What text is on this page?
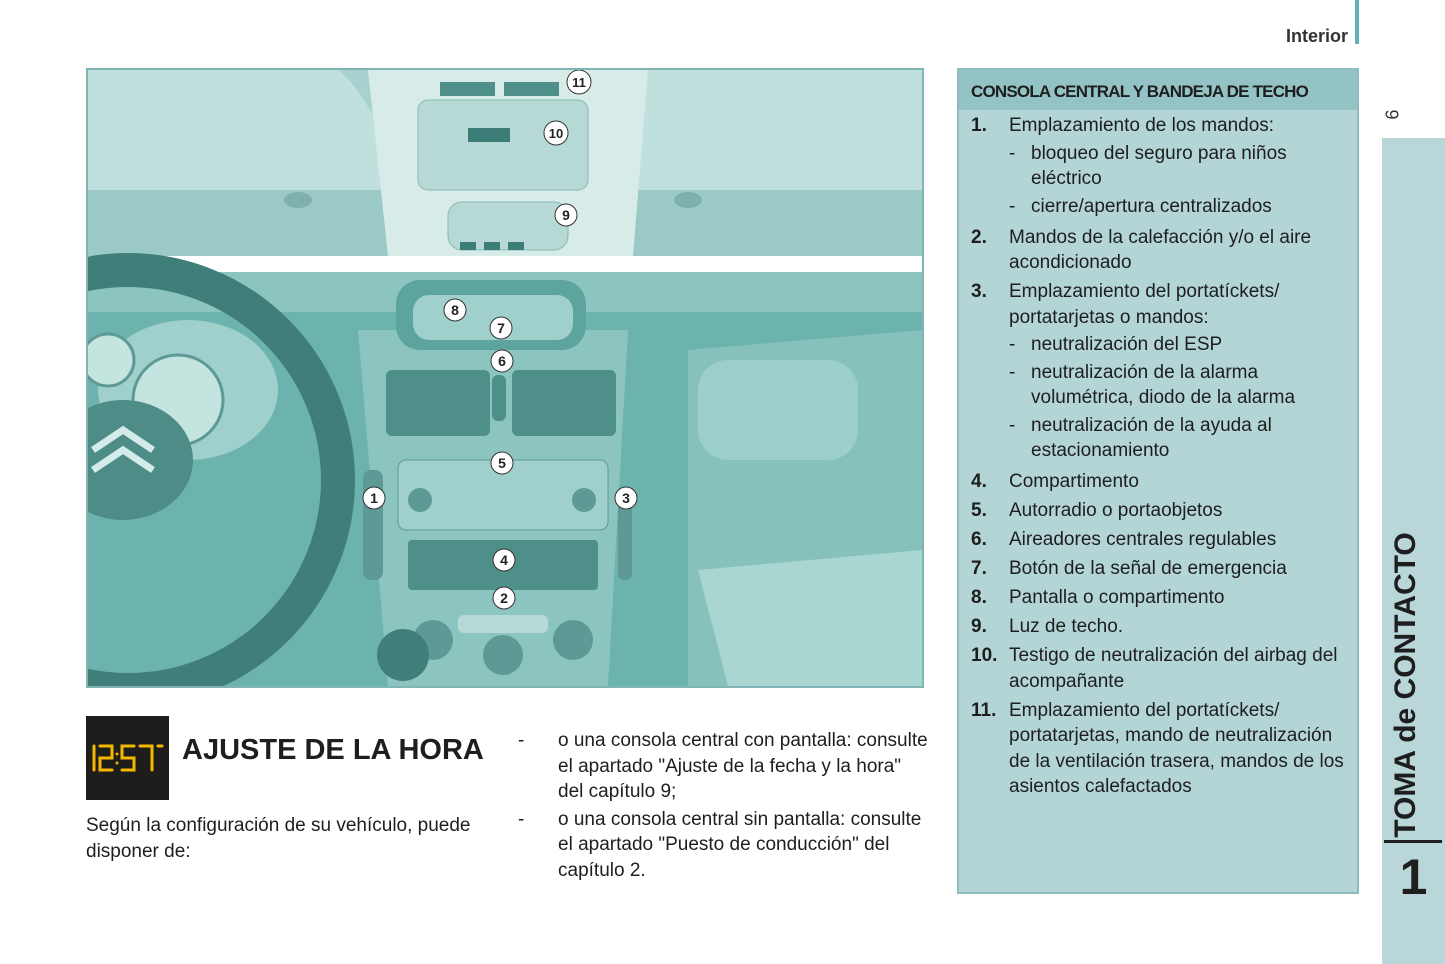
Interior
9
TOMA de CONTACTO
1
1
2
3
4
5
6
7
8
9
10
11	CONSOLA CENTRAL Y BANDEJA DE TECHO
1.	Emplazamiento de los mandos:
- bloqueo del seguro para niños eléctrico
- cierre/apertura centralizados
2.	Mandos de la calefacción y/o el aire acondicionado
3.	Emplazamiento del portatíckets/ portatarjetas o mandos:
- neutralización del ESP
- neutralización de la alarma volumétrica, diodo de la alarma
- neutralización de la ayuda al estacionamiento
4.	Compartimento
5.	Autorradio o portaobjetos
6.	Aireadores centrales regulables
7.	Botón de la señal de emergencia
8.	Pantalla o compartimento
9.	Luz de techo.
10. Testigo de neutralización del airbag del acompañante
11. Emplazamiento del portatíckets/ portatarjetas, mando de neutralización de la ventilación trasera, mandos de los asientos calefactados
AJUSTE DE LA HORA
Según la configuración de su vehículo, puede disponer de:
-	o una consola central con pantalla: consulte el apartado "Ajuste de la fecha y la hora" del capítulo 9;
-	o una consola central sin pantalla: consulte el apartado "Puesto de conducción" del capítulo 2.
